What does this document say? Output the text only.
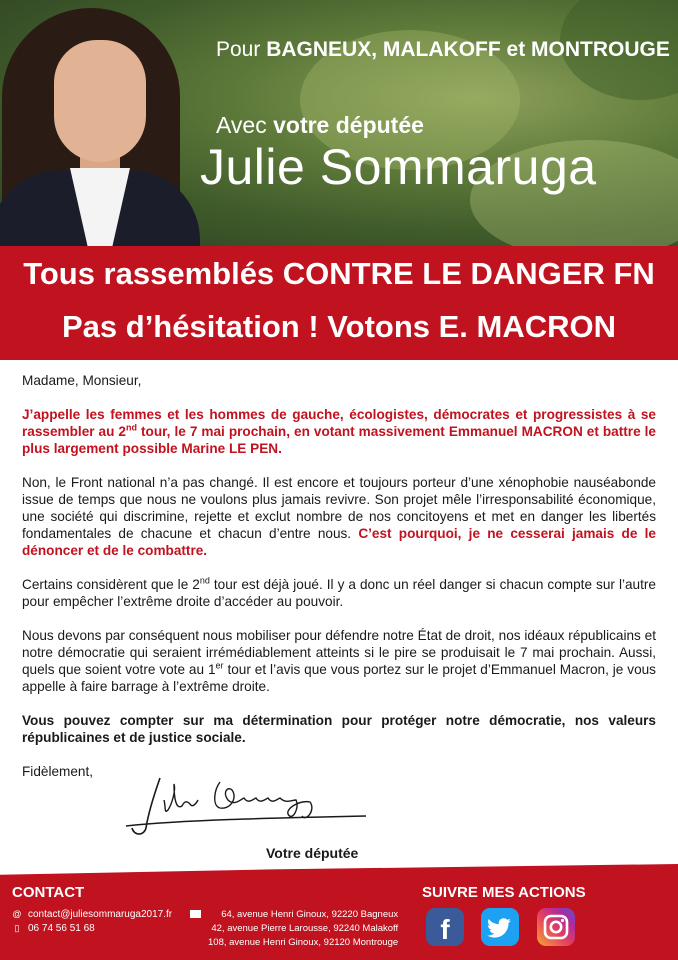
Pour BAGNEUX, MALAKOFF et MONTROUGE
Avec votre députée
Julie Sommaruga
Tous rassemblés CONTRE LE DANGER FN
Pas d’hésitation ! Votons E. MACRON

Madame, Monsieur,

J’appelle les femmes et les hommes de gauche, écologistes, démocrates et progressistes à se rassembler au 2nd tour, le 7 mai prochain, en votant massivement Emmanuel MACRON et battre le plus largement possible Marine LE PEN.

Non, le Front national n’a pas changé. Il est encore et toujours porteur d’une xénophobie nauséabonde issue de temps que nous ne voulons plus jamais revivre. Son projet mêle l’irresponsabilité économique, une société qui discrimine, rejette et exclut nombre de nos concitoyens et met en danger les libertés fondamentales de chacune et chacun d’entre nous. C’est pourquoi, je ne cesserai jamais de le dénoncer et de le combattre.

Certains considèrent que le 2nd tour est déjà joué. Il y a donc un réel danger si chacun compte sur l’autre pour empêcher l’extrême droite d’accéder au pouvoir.

Nous devons par conséquent nous mobiliser pour défendre notre État de droit, nos idéaux républicains et notre démocratie qui seraient irrémédiablement atteints si le pire se produisait le 7 mai prochain. Aussi, quels que soient votre vote au 1er tour et l’avis que vous portez sur le projet d’Emmanuel Macron, je vous appelle à faire barrage à l’extrême droite.

Vous pouvez compter sur ma détermination pour protéger notre démocratie, nos valeurs républicaines et de justice sociale.

Fidèlement,

Votre députée
CONTACT
@ contact@juliesommaruga2017.fr
▯ 06 74 56 51 68
64, avenue Henri Ginoux, 92220 Bagneux
42, avenue Pierre Larousse, 92240 Malakoff
108, avenue Henri Ginoux, 92120 Montrouge
SUIVRE MES ACTIONS
f
